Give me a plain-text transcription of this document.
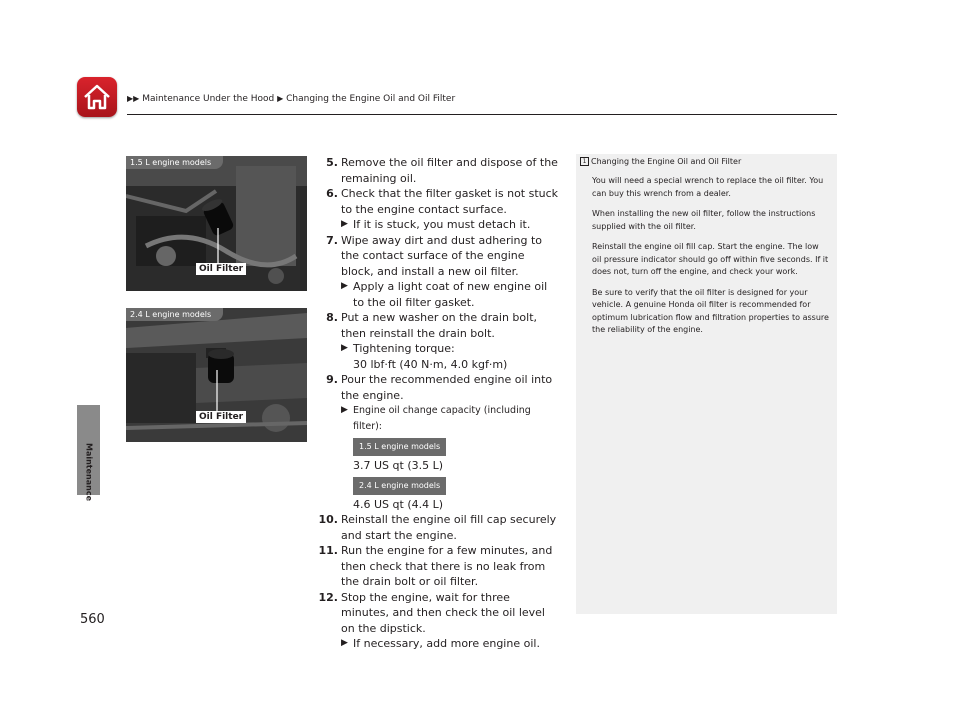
▶▶ Maintenance Under the Hood ▶ Changing the Engine Oil and Oil Filter
Maintenance
1.5 L engine models
Oil Filter
2.4 L engine models
Oil Filter
5. Remove the oil filter and dispose of the remaining oil.
6. Check that the filter gasket is not stuck to the engine contact surface.
▶ If it is stuck, you must detach it.
7. Wipe away dirt and dust adhering to the contact surface of the engine block, and install a new oil filter.
▶ Apply a light coat of new engine oil to the oil filter gasket.
8. Put a new washer on the drain bolt, then reinstall the drain bolt.
▶ Tightening torque:
30 lbf·ft (40 N·m, 4.0 kgf·m)
9. Pour the recommended engine oil into the engine.
▶ Engine oil change capacity (including filter):
1.5 L engine models
3.7 US qt (3.5 L)
2.4 L engine models
4.6 US qt (4.4 L)
10. Reinstall the engine oil fill cap securely and start the engine.
11. Run the engine for a few minutes, and then check that there is no leak from the drain bolt or oil filter.
12. Stop the engine, wait for three minutes, and then check the oil level on the dipstick.
▶ If necessary, add more engine oil.
1 Changing the Engine Oil and Oil Filter

You will need a special wrench to replace the oil filter. You can buy this wrench from a dealer.

When installing the new oil filter, follow the instructions supplied with the oil filter.

Reinstall the engine oil fill cap. Start the engine. The low oil pressure indicator should go off within five seconds. If it does not, turn off the engine, and check your work.

Be sure to verify that the oil filter is designed for your vehicle. A genuine Honda oil filter is recommended for optimum lubrication flow and filtration properties to assure the reliability of the engine.

560
